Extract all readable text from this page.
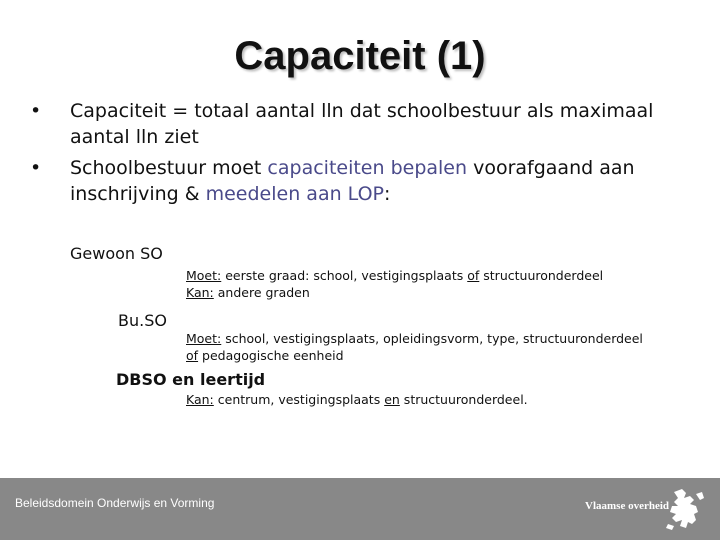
Capaciteit (1)
• Capaciteit = totaal aantal lln dat schoolbestuur als maximaal aantal lln ziet
• Schoolbestuur moet capaciteiten bepalen voorafgaand aan inschrijving & meedelen aan LOP:
Gewoon SO
Moet: eerste graad: school, vestigingsplaats of structuuronderdeel
Kan: andere graden
Bu.SO
Moet: school, vestigingsplaats, opleidingsvorm, type, structuuronderdeel
of pedagogische eenheid
DBSO en leertijd
Kan: centrum, vestigingsplaats en structuuronderdeel.
Beleidsdomein Onderwijs en Vorming	Vlaamse overheid
